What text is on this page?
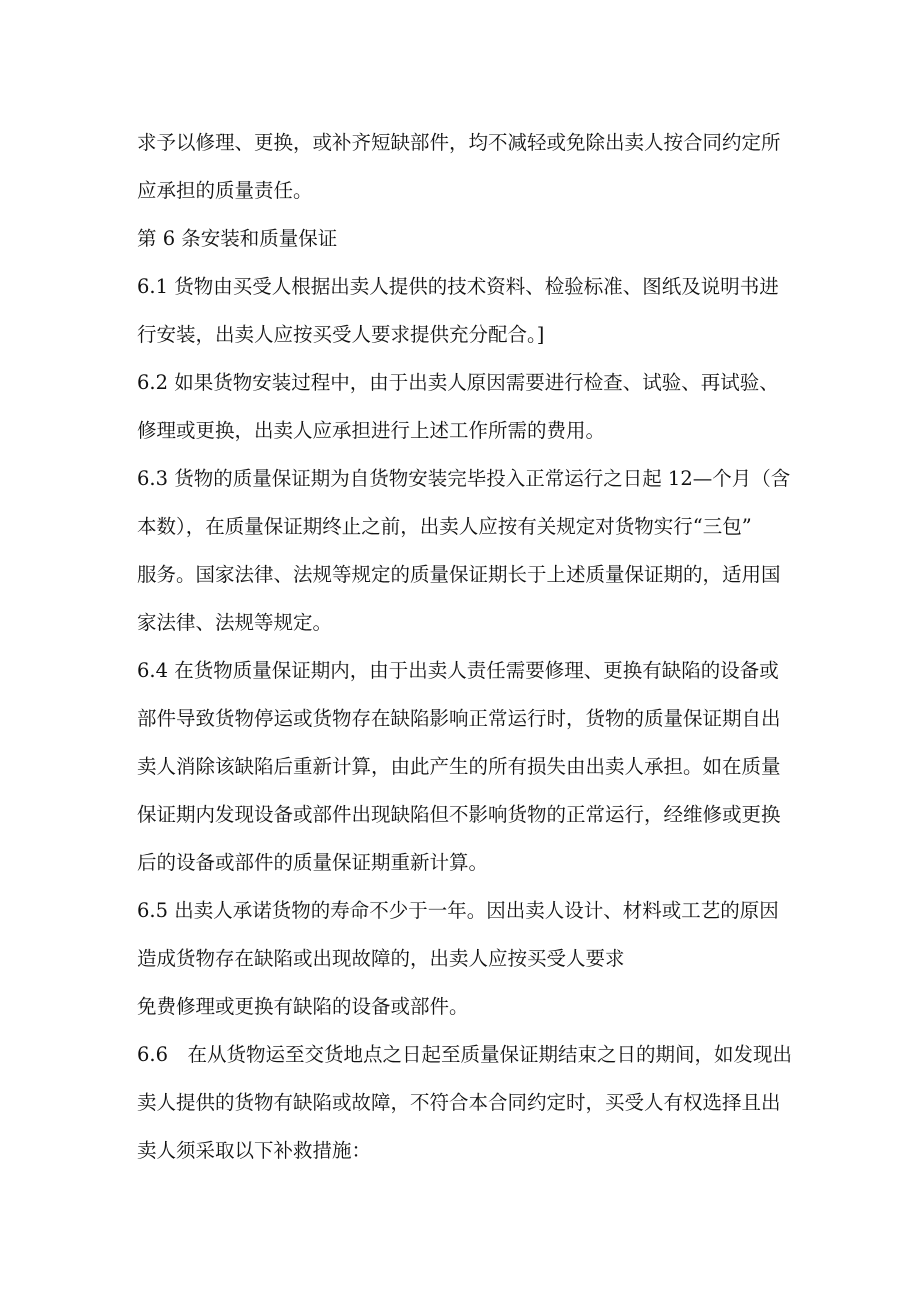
求予以修理、更换，或补齐短缺部件，均不减轻或免除出卖人按合同约定所
应承担的质量责任。
第 6 条安装和质量保证
6.1 货物由买受人根据出卖人提供的技术资料、检验标准、图纸及说明书进
行安装，出卖人应按买受人要求提供充分配合。]
6.2 如果货物安装过程中，由于出卖人原因需要进行检查、试验、再试验、
修理或更换，出卖人应承担进行上述工作所需的费用。
6.3 货物的质量保证期为自货物安装完毕投入正常运行之日起 12—个月（含
本数），在质量保证期终止之前，出卖人应按有关规定对货物实行“三包”
服务。国家法律、法规等规定的质量保证期长于上述质量保证期的，适用国
家法律、法规等规定。
6.4 在货物质量保证期内，由于出卖人责任需要修理、更换有缺陷的设备或
部件导致货物停运或货物存在缺陷影响正常运行时，货物的质量保证期自出
卖人消除该缺陷后重新计算，由此产生的所有损失由出卖人承担。如在质量
保证期内发现设备或部件出现缺陷但不影响货物的正常运行，经维修或更换
后的设备或部件的质量保证期重新计算。
6.5 出卖人承诺货物的寿命不少于一年。因出卖人设计、材料或工艺的原因
造成货物存在缺陷或出现故障的，出卖人应按买受人要求
免费修理或更换有缺陷的设备或部件。
6.6　在从货物运至交货地点之日起至质量保证期结束之日的期间，如发现出
卖人提供的货物有缺陷或故障，不符合本合同约定时，买受人有权选择且出
卖人须采取以下补救措施：
